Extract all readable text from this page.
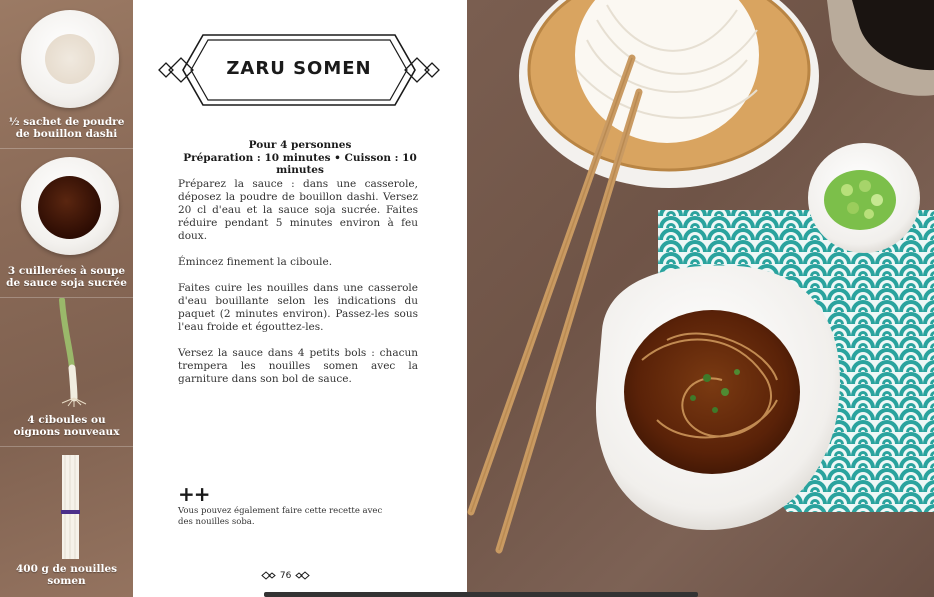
½ sachet de poudre
de bouillon dashi
3 cuillerées à soupe
de sauce soja sucrée
4 ciboules ou
oignons nouveaux
400 g de nouilles
somen
ZARU SOMEN
Pour 4 personnes
Préparation : 10 minutes • Cuisson : 10 minutes

Préparez la sauce : dans une casserole, déposez la poudre de bouillon dashi. Versez 20 cl d'eau et la sauce soja sucrée. Faites réduire pendant 5 minutes environ à feu doux.

Émincez finement la ciboule.

Faites cuire les nouilles dans une casserole d'eau bouillante selon les indications du paquet (2 minutes environ). Passez-les sous l'eau froide et égouttez-les.

Versez la sauce dans 4 petits bols : chacun trempera les nouilles somen avec la garniture dans son bol de sauce.

++
Vous pouvez également faire cette recette avec des nouilles soba.
76
